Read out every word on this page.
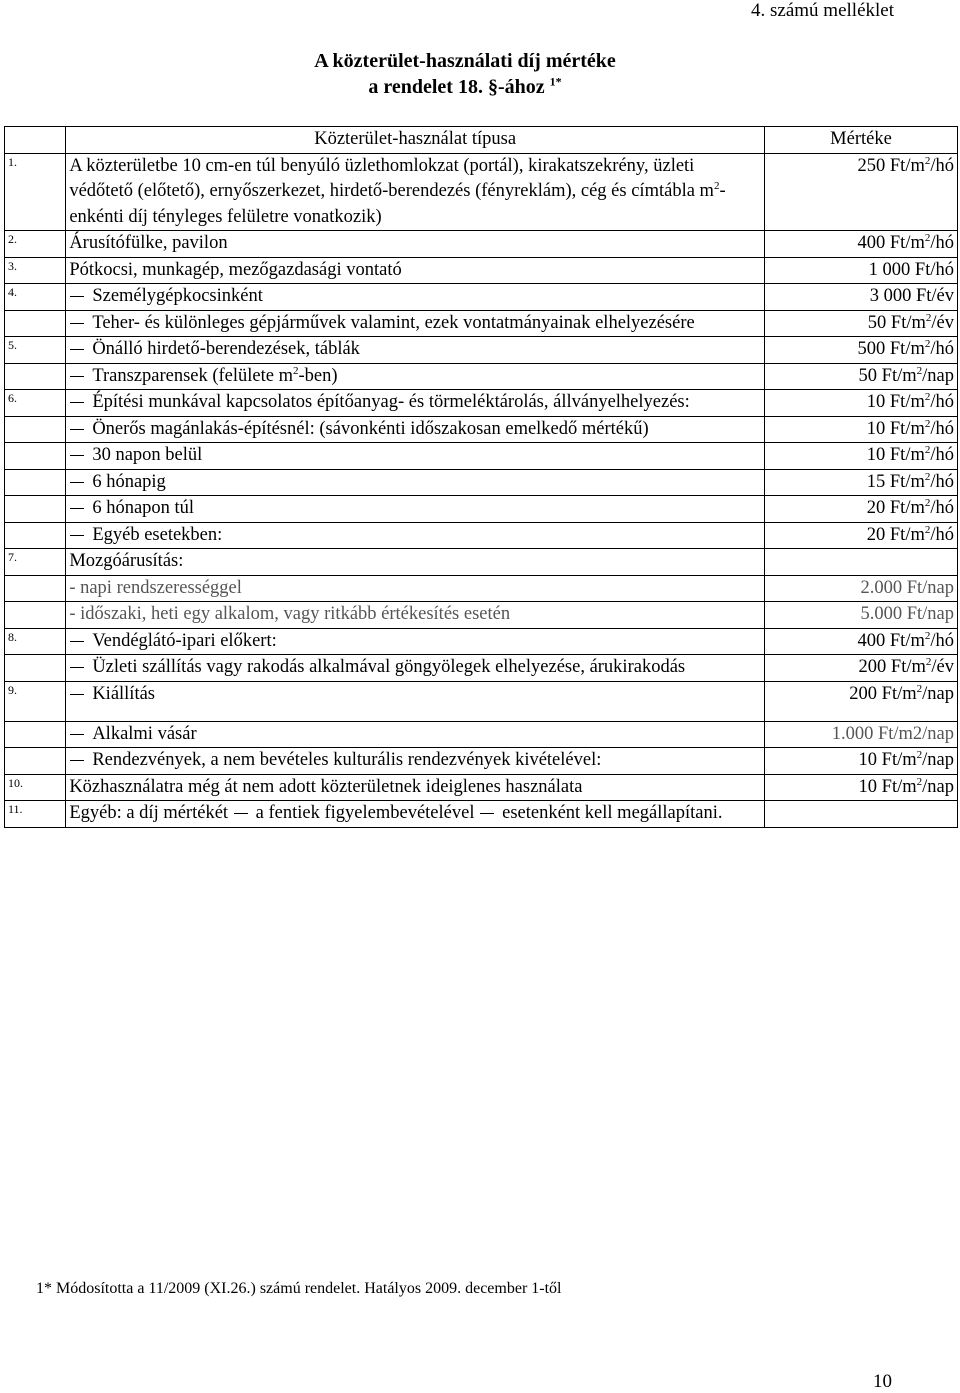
4. számú melléklet
A közterület-használati díj mértéke
a rendelet 18. §-ához $^{1*}$
	Közterület-használat típusa	Mértéke
1.	A közterületbe 10 cm-en túl benyúló üzlethomlokzat (portál), kirakatszekrény, üzleti védőtető (előtető), ernyőszerkezet, hirdető-berendezés (fényreklám), cég és címtábla $m^2$-enkénti díj tényleges felületre vonatkozik)	250 $Ft/m^2/hó$
2.	Árusítófülke, pavilon	400 $Ft/m^2/hó$
3.	Pótkocsi, munkagép, mezőgazdasági vontató	1 000 Ft/hó
4.	Személygépkocsinként	3 000 Ft/év
	Teher- és különleges gépjárművek valamint, ezek vontatmányainak elhelyezésére	50 $Ft/m^2/év$
5.	Önálló hirdető-berendezések, táblák	500 $Ft/m^2/hó$
	Transzparensek (felülete $m^2-ben$)	50 $Ft/m^2$/nap
6.	Építési munkával kapcsolatos építőanyag- és törmeléktárolás, állványelhelyezés:	10 $Ft/m^2/hó$
	Önerős magánlakás-építésnél: (sávonkénti időszakosan emelkedő mértékű)	10 $Ft/m^2/hó$
	30 napon belül	10 $Ft/m^2/hó$
	6 hónapig	15 $Ft/m^2/hó$
	6 hónapon túl	20 $Ft/m^2/hó$
	Egyéb esetekben:	20 $Ft/m^2/hó$
7.	Mozgóárusítás:	
	- napi rendszerességgel	2.000 Ft/nap
	- időszaki, heti egy alkalom, vagy ritkább értékesítés esetén	5.000 Ft/nap
8.	Vendéglátó-ipari előkert:	400 $Ft/m^2/hó$
	Üzleti szállítás vagy rakodás alkalmával göngyölegek elhelyezése, árukirakodás	200 $Ft/m^2/év$
9.	Kiállítás	200 $Ft/m^2$/nap
	Alkalmi vásár	1.000 Ft/m2/nap
	Rendezvények, a nem bevételes kulturális rendezvények kivételével:	10 $Ft/m^2$/nap
10.	Közhasználatra még át nem adott közterületnek ideiglenes használata	10 $Ft/m^2$/nap
11.	Egyéb: a díj mértékét a fentiek figyelembevételével esetenként kell megállapítani.	
1* Módosította a 11/2009 (XI.26.) számú rendelet. Hatályos 2009. december 1-től
10
